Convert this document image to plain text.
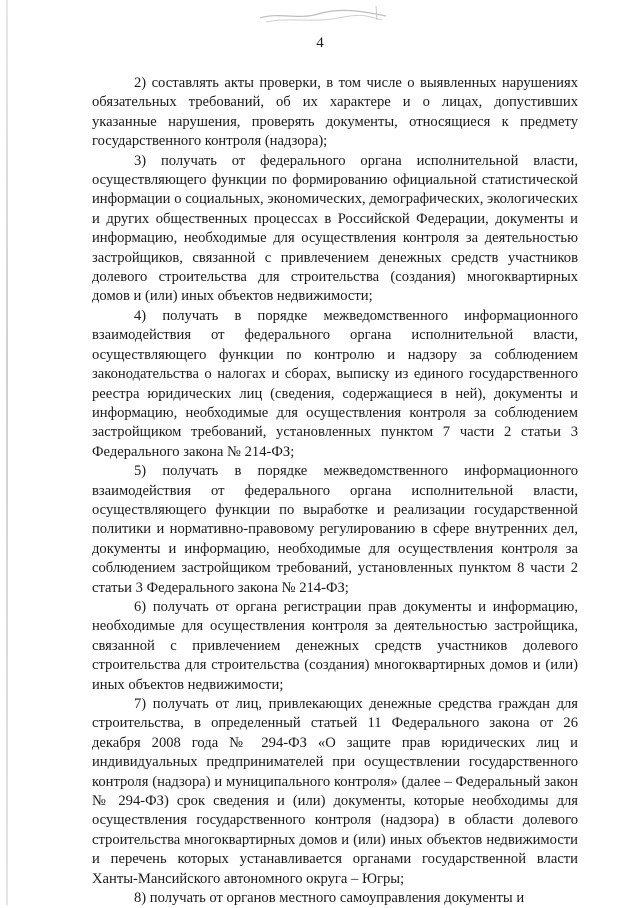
4

2) составлять акты проверки, в том числе о выявленных нарушениях обязательных требований, об их характере и о лицах, допустивших указанные нарушения, проверять документы, относящиеся к предмету государственного контроля (надзора);

3) получать от федерального органа исполнительной власти, осуществляющего функции по формированию официальной статистической информации о социальных, экономических, демографических, экологических и других общественных процессах в Российской Федерации, документы и информацию, необходимые для осуществления контроля за деятельностью застройщиков, связанной с привлечением денежных средств участников долевого строительства для строительства (создания) многоквартирных домов и (или) иных объектов недвижимости;

4) получать в порядке межведомственного информационного взаимодействия от федерального органа исполнительной власти, осуществляющего функции по контролю и надзору за соблюдением законодательства о налогах и сборах, выписку из единого государственного реестра юридических лиц (сведения, содержащиеся в ней), документы и информацию, необходимые для осуществления контроля за соблюдением застройщиком требований, установленных пунктом 7 части 2 статьи 3 Федерального закона № 214-ФЗ;

5) получать в порядке межведомственного информационного взаимодействия от федерального органа исполнительной власти, осуществляющего функции по выработке и реализации государственной политики и нормативно-правовому регулированию в сфере внутренних дел, документы и информацию, необходимые для осуществления контроля за соблюдением застройщиком требований, установленных пунктом 8 части 2 статьи 3 Федерального закона № 214-ФЗ;

6) получать от органа регистрации прав документы и информацию, необходимые для осуществления контроля за деятельностью застройщика, связанной с привлечением денежных средств участников долевого строительства для строительства (создания) многоквартирных домов и (или) иных объектов недвижимости;

7) получать от лиц, привлекающих денежные средства граждан для строительства, в определенный статьей 11 Федерального закона от 26 декабря 2008 года № 294-ФЗ «О защите прав юридических лиц и индивидуальных предпринимателей при осуществлении государственного контроля (надзора) и муниципального контроля» (далее – Федеральный закон № 294-ФЗ) срок сведения и (или) документы, которые необходимы для осуществления государственного контроля (надзора) в области долевого строительства многоквартирных домов и (или) иных объектов недвижимости и перечень которых устанавливается органами государственной власти Ханты-Мансийского автономного округа – Югры;

8) получать от органов местного самоуправления документы и
